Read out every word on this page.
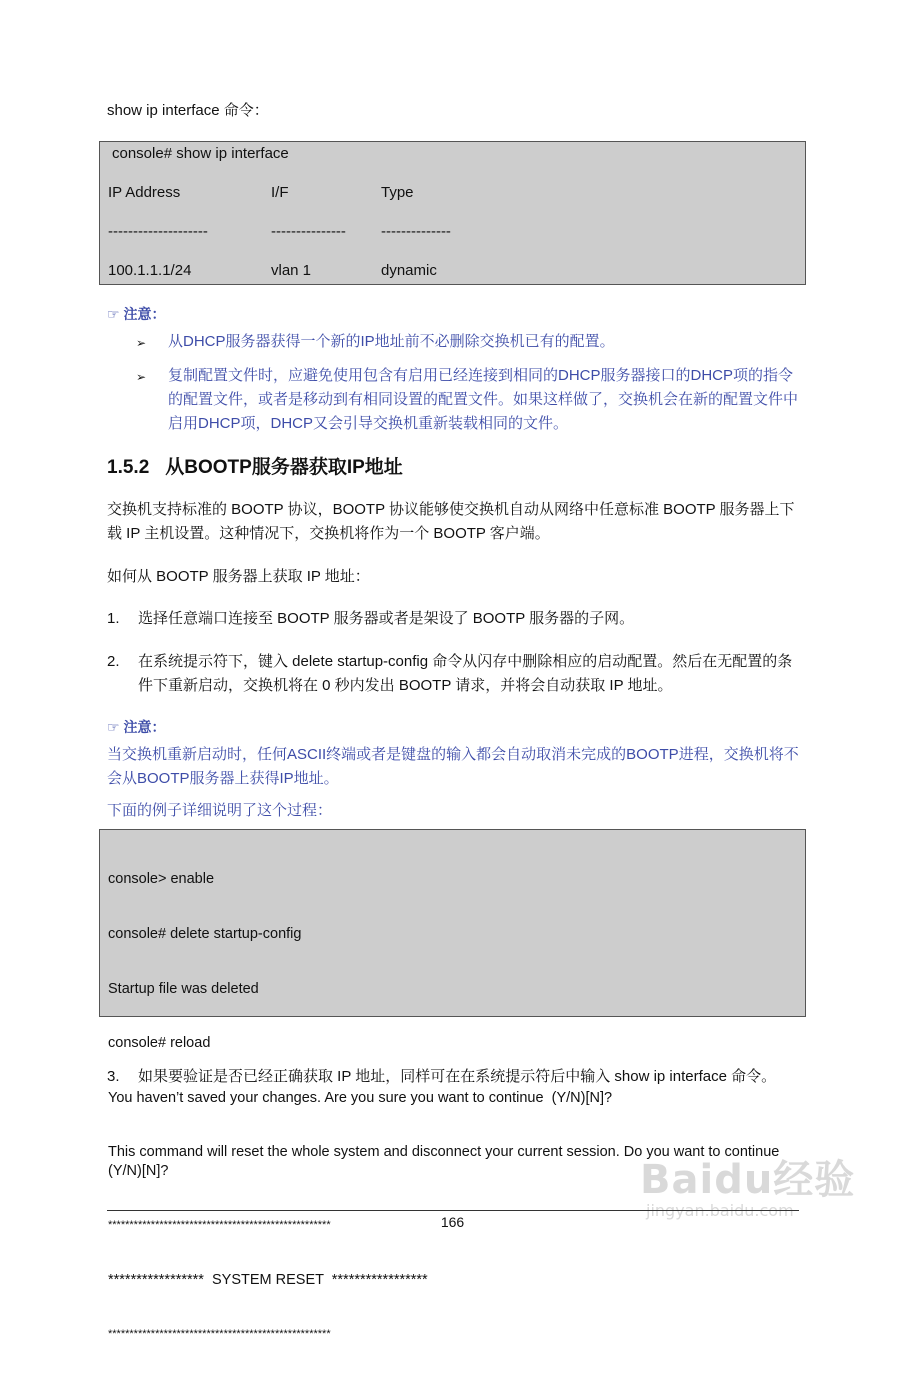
show ip interface 命令：
console# show ip interface
IP Address	I/F	Type
--------------------	--------------- --------------
100.1.1.1/24	vlan 1	dynamic
☞ 注意：
➢ 从DHCP服务器获得一个新的IP地址前不必删除交换机已有的配置。
➢ 复制配置文件时，应避免使用包含有启用已经连接到相同的DHCP服务器接口的DHCP项的指令的配置文件，或者是移动到有相同设置的配置文件。如果这样做了，交换机会在新的配置文件中启用DHCP项，DHCP又会引导交换机重新装载相同的文件。
1.5.2 从BOOTP服务器获取IP地址
交换机支持标准的 BOOTP 协议，BOOTP 协议能够使交换机自动从网络中任意标准 BOOTP 服务器上下载 IP 主机设置。这种情况下，交换机将作为一个 BOOTP 客户端。
如何从 BOOTP 服务器上获取 IP 地址：
1. 选择任意端口连接至 BOOTP 服务器或者是架设了 BOOTP 服务器的子网。
2. 在系统提示符下，键入 delete startup-config 命令从闪存中删除相应的启动配置。然后在无配置的条件下重新启动，交换机将在 0 秒内发出 BOOTP 请求，并将会自动获取 IP 地址。
☞ 注意：
当交换机重新启动时，任何ASCII终端或者是键盘的输入都会自动取消未完成的BOOTP进程，交换机将不会从BOOTP服务器上获得IP地址。
下面的例子详细说明了这个过程：

console> enable

console# delete startup-config

Startup file was deleted

console# reload

You haven’t saved your changes. Are you sure you want to continue  (Y/N)[N]?

This command will reset the whole system and disconnect your current session. Do you want to continue (Y/N)[N]?

****************************************************

*****************  SYSTEM RESET  *****************

****************************************************

3. 如果要验证是否已经正确获取 IP 地址，同样可在在系统提示符后中输入 show ip interface 命令。
Baidu经验
jingyan.baidu.com
166
